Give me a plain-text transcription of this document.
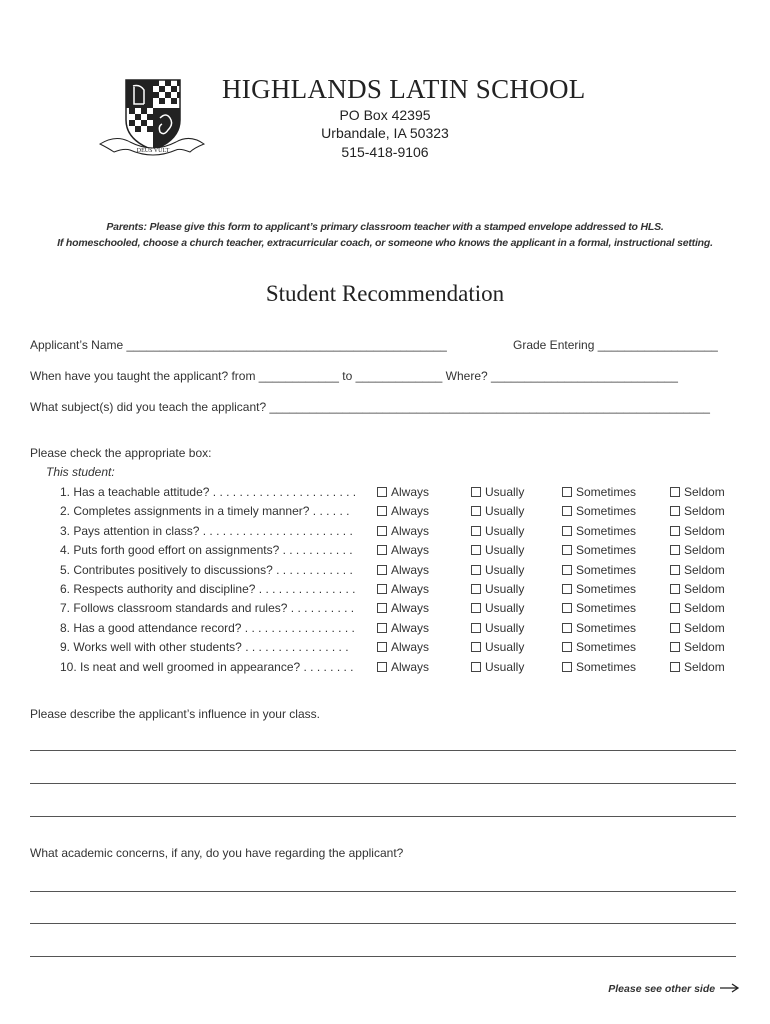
DEUS VULT
HIGHLANDS LATIN SCHOOL
PO Box 42395
Urbandale, IA 50323
515-418-9106
Parents: Please give this form to applicant’s primary classroom teacher with a stamped envelope addressed to HLS.
If homeschooled, choose a church teacher, extracurricular coach, or someone who knows the applicant in a formal, instructional setting.
Student Recommendation
Applicant’s Name ________________________________________________	Grade Entering __________________
When have you taught the applicant? from ____________ to _____________ Where? ____________________________
What subject(s) did you teach the applicant? __________________________________________________________________
Please check the appropriate box:
This student:
1. Has a teachable attitude? . . . . . . . . . . . . . . . . . . . . . .	Always	Usually	Sometimes	Seldom
2. Completes assignments in a timely manner? . . . . . .	Always	Usually	Sometimes	Seldom
3. Pays attention in class? . . . . . . . . . . . . . . . . . . . . . . .	Always	Usually	Sometimes	Seldom
4. Puts forth good effort on assignments? . . . . . . . . . . .	Always	Usually	Sometimes	Seldom
5. Contributes positively to discussions? . . . . . . . . . . . .	Always	Usually	Sometimes	Seldom
6. Respects authority and discipline? . . . . . . . . . . . . . . .	Always	Usually	Sometimes	Seldom
7. Follows classroom standards and rules? . . . . . . . . . .	Always	Usually	Sometimes	Seldom
8. Has a good attendance record? . . . . . . . . . . . . . . . . .	Always	Usually	Sometimes	Seldom
9. Works well with other students? . . . . . . . . . . . . . . . .	Always	Usually	Sometimes	Seldom
10. Is neat and well groomed in appearance? . . . . . . . .	Always	Usually	Sometimes	Seldom
Please describe the applicant’s influence in your class.
What academic concerns, if any, do you have regarding the applicant?
Please see other side
